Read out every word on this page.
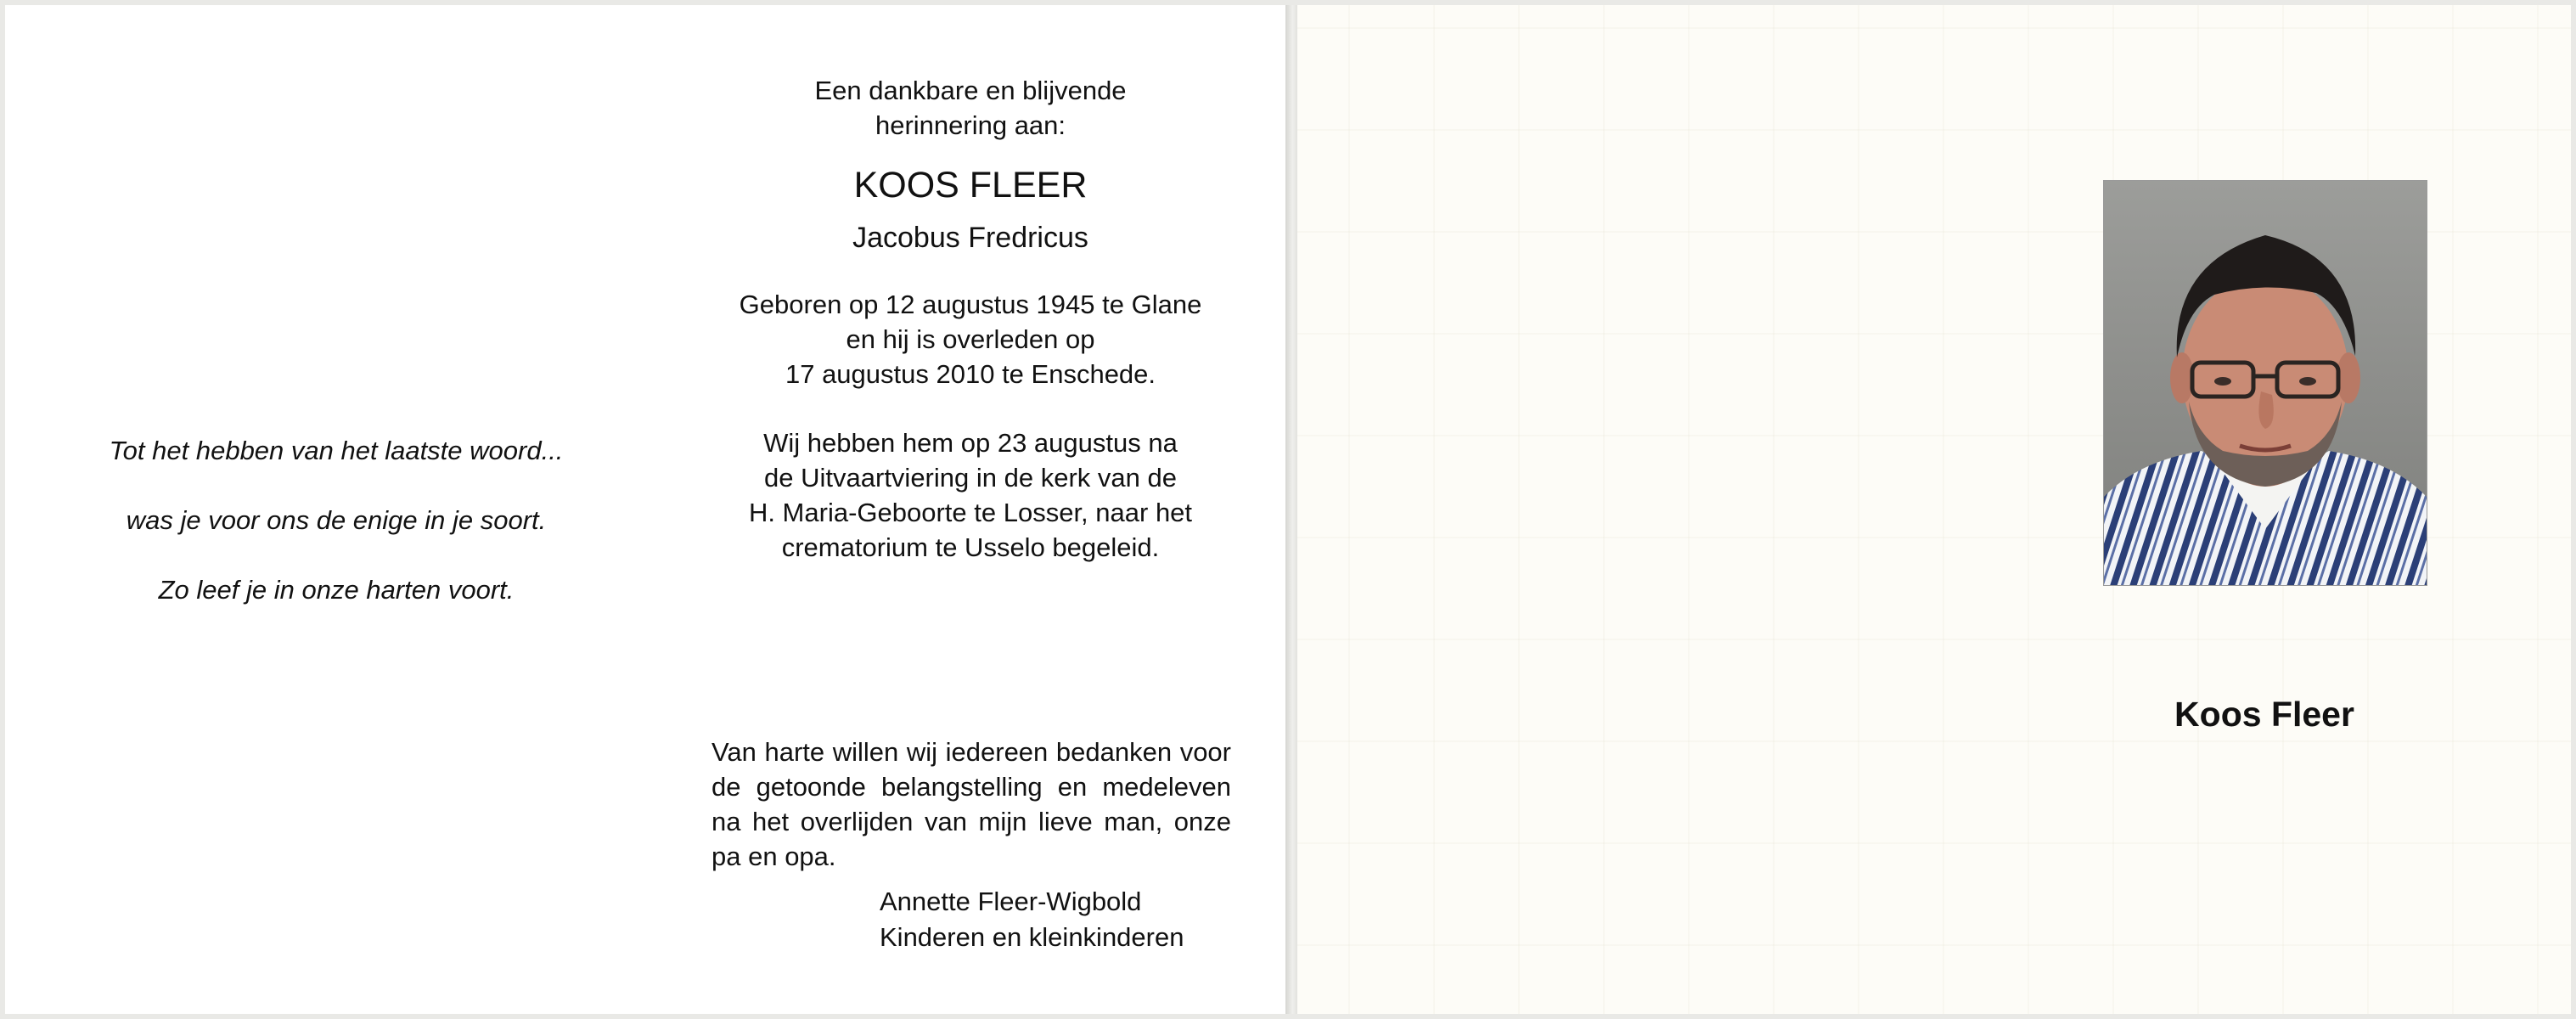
Tot het hebben van het laatste woord...

was je voor ons de enige in je soort.

Zo leef je in onze harten voort.

Een dankbare en blijvende

herinnering aan:

KOOS FLEER

Jacobus Fredricus

Geboren op 12 augustus 1945 te Glane

en hij is overleden op

17 augustus 2010 te Enschede.

Wij hebben hem op 23 augustus na

de Uitvaartviering in de kerk van de

H. Maria-Geboorte te Losser, naar het

crematorium te Usselo begeleid.

Van harte willen wij iedereen bedanken voor de getoonde belangstelling en medeleven na het overlijden van mijn lieve man, onze pa en opa.

Annette Fleer-Wigbold

Kinderen en kleinkinderen

Koos Fleer
